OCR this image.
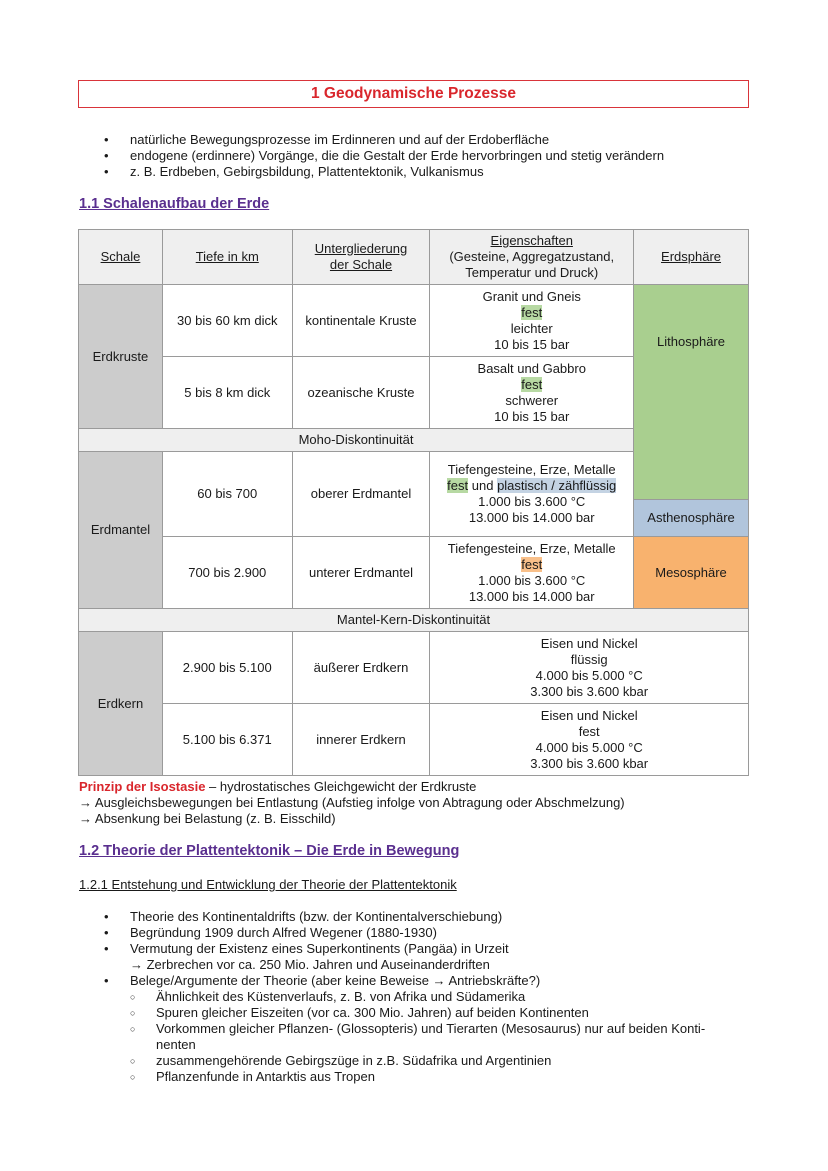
1 Geodynamische Prozesse
• natürliche Bewegungsprozesse im Erdinneren und auf der Erdoberfläche
• endogene (erdinnere) Vorgänge, die die Gestalt der Erde hervorbringen und stetig verändern
• z. B. Erdbeben, Gebirgsbildung, Plattentektonik, Vulkanismus
1.1 Schalenaufbau der Erde
Schale	Tiefe in km	Untergliederung
der Schale	Eigenschaften
(Gesteine, Aggregatzustand,
Temperatur und Druck)	Erdsphäre
Erdkruste	30 bis 60 km dick	kontinentale Kruste	Granit und Gneis
fest
leichter
10 bis 15 bar	Lithosphäre
	5 bis 8 km dick	ozeanische Kruste	Basalt und Gabbro
fest
schwerer
10 bis 15 bar	
Moho-Diskontinuität				
Erdmantel	60 bis 700	oberer Erdmantel	Tiefengesteine, Erze, Metalle
fest und plastisch / zähflüssig
1.000 bis 3.600 °C
13.000 bis 14.000 bar	
				Asthenosphäre
	700 bis 2.900	unterer Erdmantel	Tiefengesteine, Erze, Metalle
fest
1.000 bis 3.600 °C
13.000 bis 14.000 bar	Mesosphäre
Mantel-Kern-Diskontinuität				
Erdkern	2.900 bis 5.100	äußerer Erdkern	Eisen und Nickel
flüssig
4.000 bis 5.000 °C
3.300 bis 3.600 kbar	
	5.100 bis 6.371	innerer Erdkern	Eisen und Nickel
fest
4.000 bis 5.000 °C
3.300 bis 3.600 kbar	
Prinzip der Isostasie – hydrostatisches Gleichgewicht der Erdkruste
→ Ausgleichsbewegungen bei Entlastung (Aufstieg infolge von Abtragung oder Abschmelzung)
→ Absenkung bei Belastung (z. B. Eisschild)
1.2 Theorie der Plattentektonik – Die Erde in Bewegung
1.2.1 Entstehung und Entwicklung der Theorie der Plattentektonik
• Theorie des Kontinentaldrifts (bzw. der Kontinentalverschiebung)
• Begründung 1909 durch Alfred Wegener (1880-1930)
• Vermutung der Existenz eines Superkontinents (Pangäa) in Urzeit
→ Zerbrechen vor ca. 250 Mio. Jahren und Auseinanderdriften
• Belege/Argumente der Theorie (aber keine Beweise → Antriebskräfte?)
○ Ähnlichkeit des Küstenverlaufs, z. B. von Afrika und Südamerika
○ Spuren gleicher Eiszeiten (vor ca. 300 Mio. Jahren) auf beiden Kontinenten
○ Vorkommen gleicher Pflanzen- (Glossopteris) und Tierarten (Mesosaurus) nur auf beiden Konti-
nenten
○ zusammengehörende Gebirgszüge in z.B. Südafrika und Argentinien
○ Pflanzenfunde in Antarktis aus Tropen
